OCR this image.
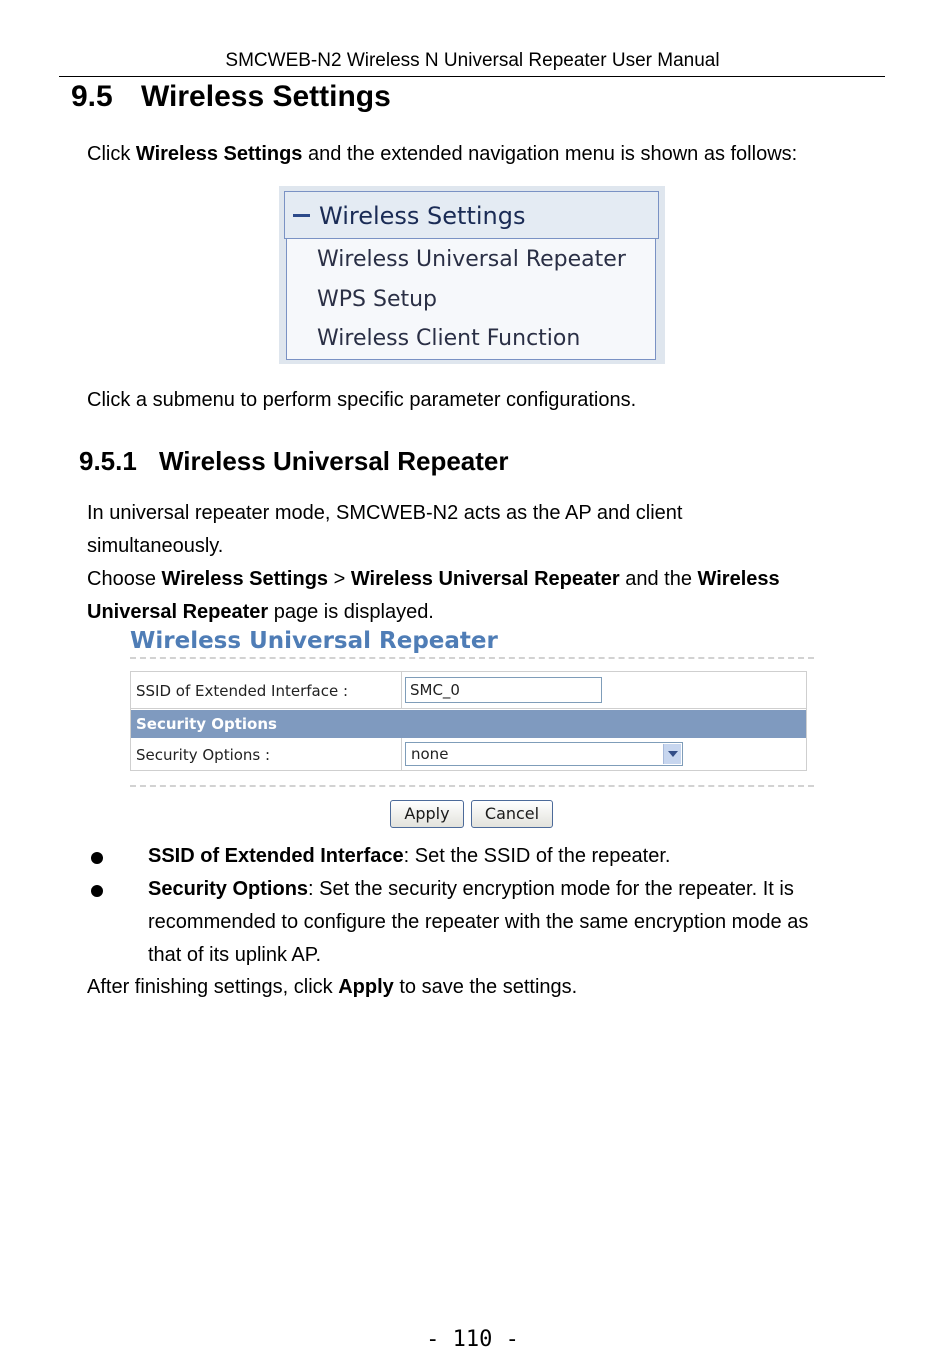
SMCWEB-N2 Wireless N Universal Repeater User Manual
9.5 Wireless Settings
Click Wireless Settings and the extended navigation menu is shown as follows:
Wireless Settings
Wireless Universal Repeater
WPS Setup
Wireless Client Function
Click a submenu to perform specific parameter configurations.
9.5.1 Wireless Universal Repeater
In universal repeater mode, SMCWEB-N2 acts as the AP and client
simultaneously.
Choose Wireless Settings > Wireless Universal Repeater and the Wireless
Universal Repeater page is displayed.
Wireless Universal Repeater
SSID of Extended Interface :	SMC_0
Security Options
Security Options :	none
Apply	Cancel
SSID of Extended Interface: Set the SSID of the repeater.
Security Options: Set the security encryption mode for the repeater. It is
recommended to configure the repeater with the same encryption mode as
that of its uplink AP.
After finishing settings, click Apply to save the settings.
- 110 -
